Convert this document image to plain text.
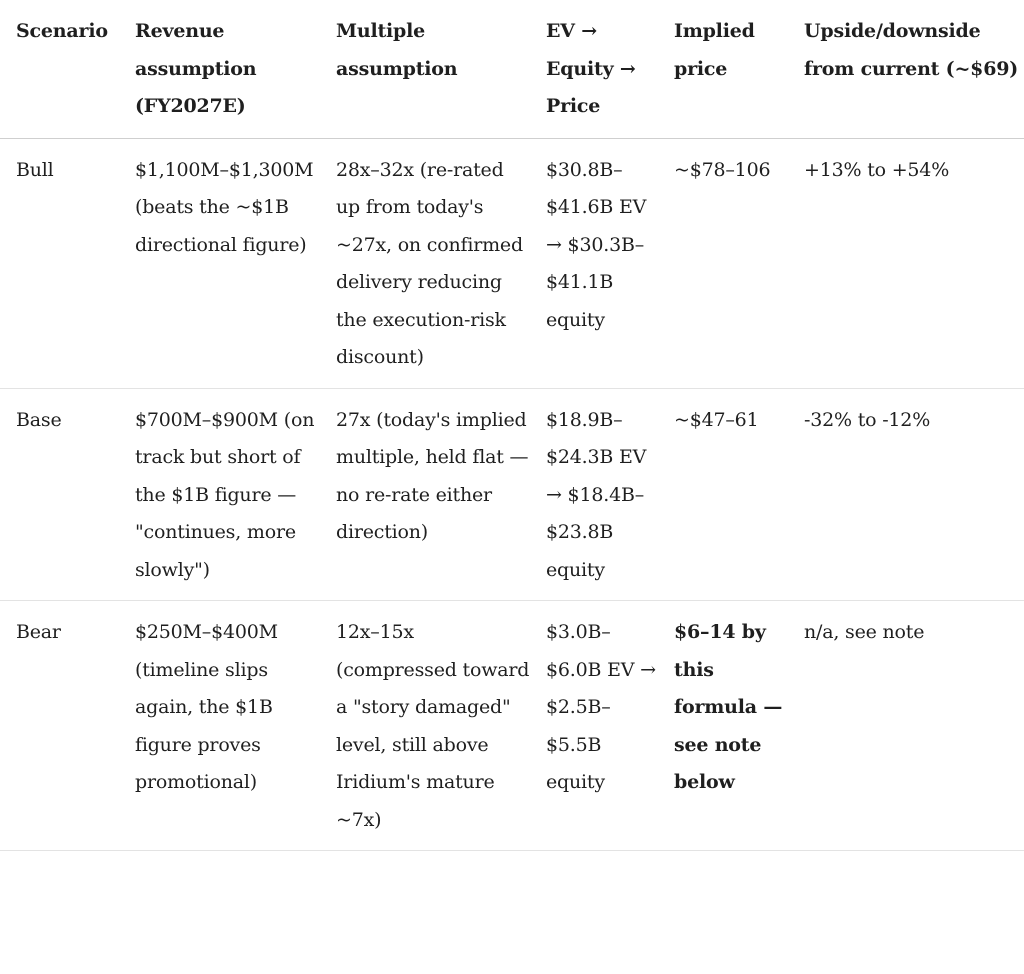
Scenario	Revenue assumption (FY2027E)	Multiple assumption	EV → Equity → Price	Implied price	Upside/downside from current (~$69)
Bull	$1,100M–$1,300M (beats the ~$1B directional figure)	28x–32x (re-rated up from today's ~27x, on confirmed delivery reducing the execution-risk discount)	$30.8B–$41.6B EV → $30.3B–$41.1B equity	~$78–106	+13% to +54%
Base	$700M–$900M (on track but short of the $1B figure — "continues, more slowly")	27x (today's implied multiple, held flat — no re-rate either direction)	$18.9B–$24.3B EV → $18.4B–$23.8B equity	~$47–61	-32% to -12%
Bear	$250M–$400M (timeline slips again, the $1B figure proves promotional)	12x–15x (compressed toward a "story damaged" level, still above Iridium's mature ~7x)	$3.0B–$6.0B EV → $2.5B–$5.5B equity	$6–14 by this formula — see note below	n/a, see note
